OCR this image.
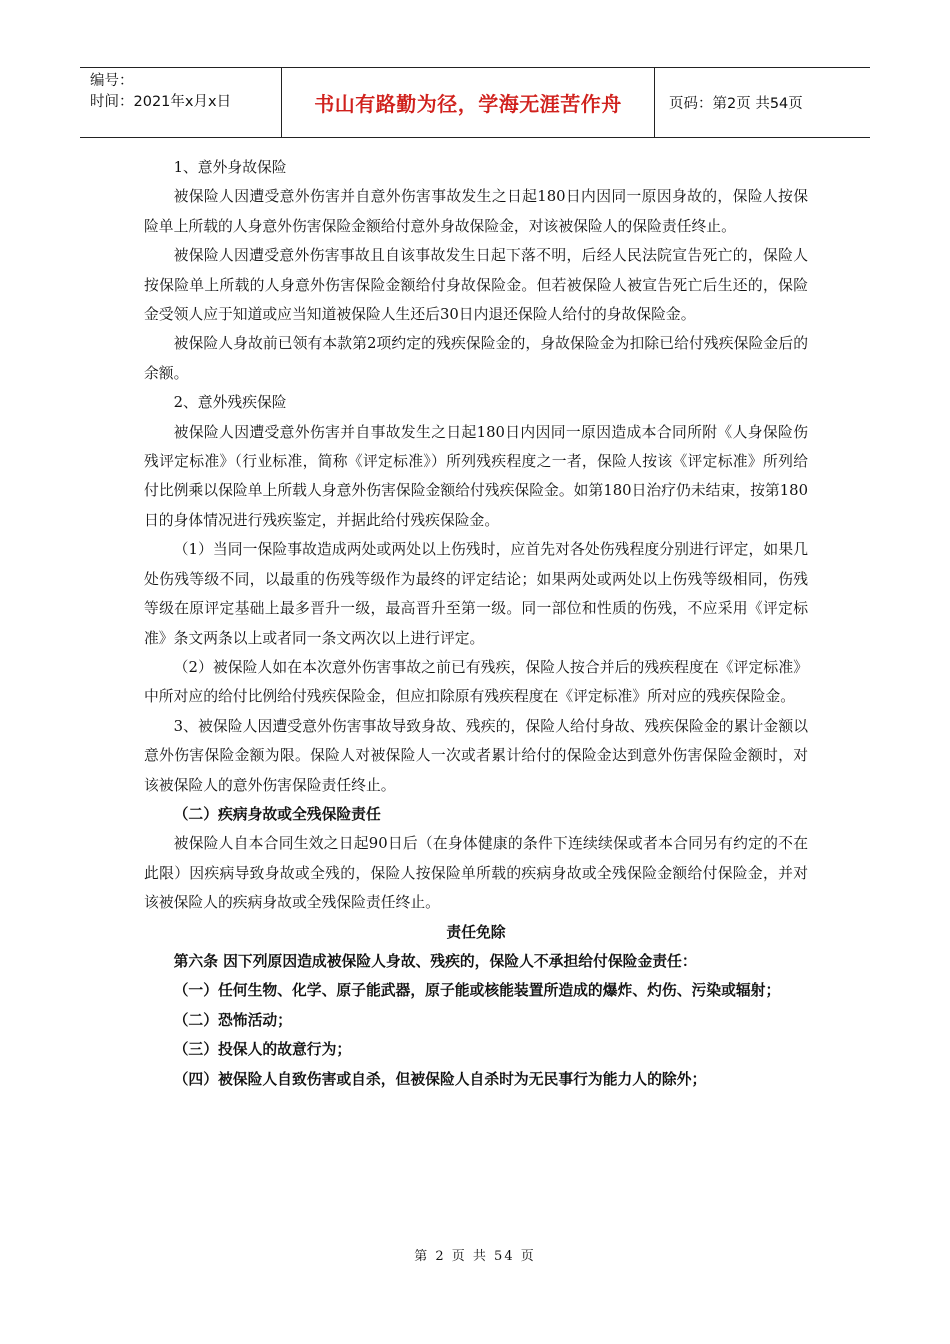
编号：
时间：2021年x月x日	书山有路勤为径，学海无涯苦作舟	页码：第2页 共54页

1、意外身故保险

被保险人因遭受意外伤害并自意外伤害事故发生之日起180日内因同一原因身故的，保险人按保险单上所载的人身意外伤害保险金额给付意外身故保险金，对该被保险人的保险责任终止。

被保险人因遭受意外伤害事故且自该事故发生日起下落不明，后经人民法院宣告死亡的，保险人按保险单上所载的人身意外伤害保险金额给付身故保险金。但若被保险人被宣告死亡后生还的，保险金受领人应于知道或应当知道被保险人生还后30日内退还保险人给付的身故保险金。

被保险人身故前已领有本款第2项约定的残疾保险金的，身故保险金为扣除已给付残疾保险金后的余额。

2、意外残疾保险

被保险人因遭受意外伤害并自事故发生之日起180日内因同一原因造成本合同所附《人身保险伤残评定标准》（行业标准，简称《评定标准》）所列残疾程度之一者，保险人按该《评定标准》所列给付比例乘以保险单上所载人身意外伤害保险金额给付残疾保险金。如第180日治疗仍未结束，按第180日的身体情况进行残疾鉴定，并据此给付残疾保险金。

（1）当同一保险事故造成两处或两处以上伤残时，应首先对各处伤残程度分别进行评定，如果几处伤残等级不同，以最重的伤残等级作为最终的评定结论；如果两处或两处以上伤残等级相同，伤残等级在原评定基础上最多晋升一级，最高晋升至第一级。同一部位和性质的伤残，不应采用《评定标准》条文两条以上或者同一条文两次以上进行评定。

（2）被保险人如在本次意外伤害事故之前已有残疾，保险人按合并后的残疾程度在《评定标准》中所对应的给付比例给付残疾保险金，但应扣除原有残疾程度在《评定标准》所对应的残疾保险金。

3、被保险人因遭受意外伤害事故导致身故、残疾的，保险人给付身故、残疾保险金的累计金额以意外伤害保险金额为限。保险人对被保险人一次或者累计给付的保险金达到意外伤害保险金额时，对该被保险人的意外伤害保险责任终止。

（二）疾病身故或全残保险责任

被保险人自本合同生效之日起90日后（在身体健康的条件下连续续保或者本合同另有约定的不在此限）因疾病导致身故或全残的，保险人按保险单所载的疾病身故或全残保险金额给付保险金，并对该被保险人的疾病身故或全残保险责任终止。

责任免除

第六条 因下列原因造成被保险人身故、残疾的，保险人不承担给付保险金责任：

（一）任何生物、化学、原子能武器，原子能或核能装置所造成的爆炸、灼伤、污染或辐射；

（二）恐怖活动；

（三）投保人的故意行为；

（四）被保险人自致伤害或自杀，但被保险人自杀时为无民事行为能力人的除外；

第 2 页 共 54 页
